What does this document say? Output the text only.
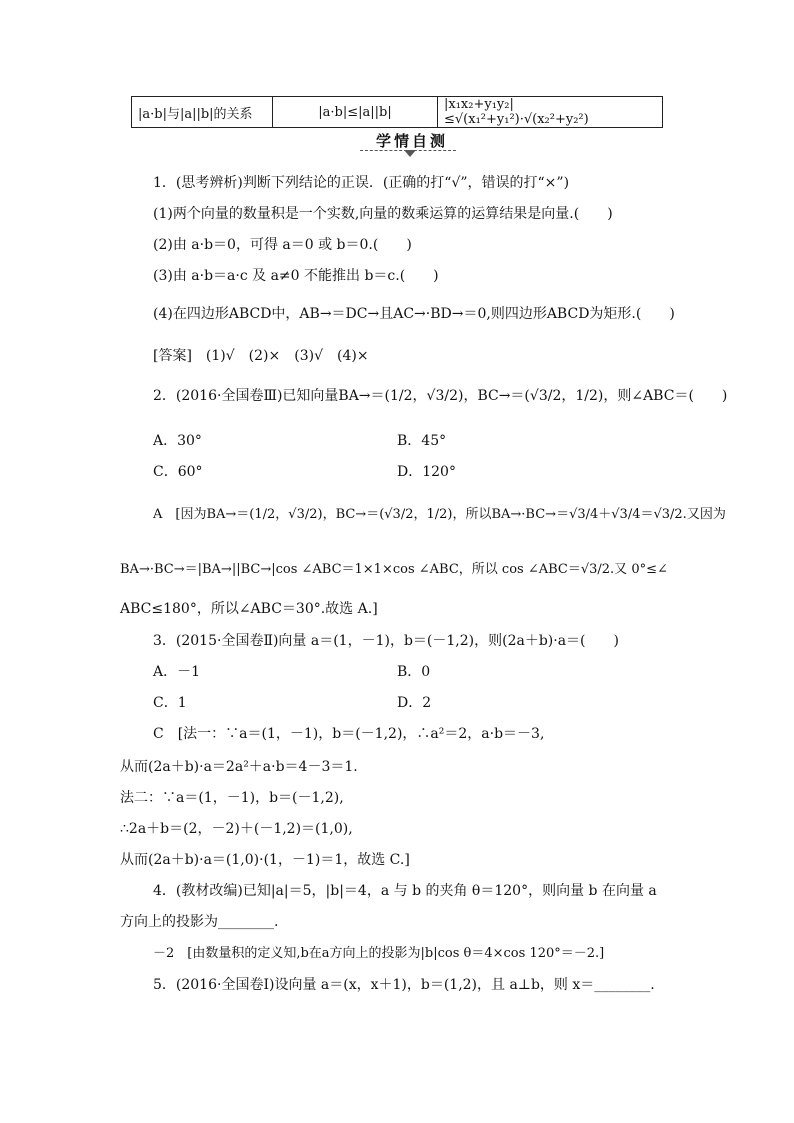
|a·b|与|a||b|的关系	|a·b|≤|a||b|	|x₁x₂+y₁y₂|≤√(x₁²+y₁²)·√(x₂²+y₂²)
学情自测
1．(思考辨析)判断下列结论的正误．(正确的打“√”，错误的打“×”)
(1)两个向量的数量积是一个实数,向量的数乘运算的运算结果是向量.(　　)
(2)由 a·b＝0，可得 a＝0 或 b＝0.(　　)
(3)由 a·b＝a·c 及 a≠0 不能推出 b＝c.(　　)
(4)在四边形ABCD中，AB→＝DC→且AC→·BD→＝0,则四边形ABCD为矩形.(　　)
[答案]　(1)√　(2)×　(3)√　(4)×
2．(2016·全国卷Ⅲ)已知向量BA→＝(1/2，√3/2)，BC→＝(√3/2，1/2)，则∠ABC＝(　　)
A．30°	B．45°
C．60°	D．120°
A　[因为BA→＝(1/2，√3/2)，BC→＝(√3/2，1/2)，所以BA→·BC→＝√3/4＋√3/4＝√3/2.又因为
BA→·BC→＝|BA→||BC→|cos ∠ABC＝1×1×cos ∠ABC，所以 cos ∠ABC＝√3/2.又 0°≤∠
ABC≤180°，所以∠ABC＝30°.故选 A.]
3．(2015·全国卷Ⅱ)向量 a＝(1，－1)，b＝(－1,2)，则(2a＋b)·a＝(　　)
A．－1	B．0
C．1	D．2
C　[法一：∵a＝(1，－1)，b＝(－1,2)，∴a²＝2，a·b＝－3,
从而(2a＋b)·a＝2a²＋a·b＝4－3＝1.
法二：∵a＝(1，－1)，b＝(－1,2),
∴2a＋b＝(2，－2)＋(－1,2)＝(1,0),
从而(2a＋b)·a＝(1,0)·(1，－1)＝1，故选 C.]
4．(教材改编)已知|a|＝5，|b|＝4，a 与 b 的夹角 θ＝120°，则向量 b 在向量 a
方向上的投影为________.
－2　[由数量积的定义知,b在a方向上的投影为|b|cos θ＝4×cos 120°＝－2.]
5．(2016·全国卷Ⅰ)设向量 a＝(x，x＋1)，b＝(1,2)，且 a⊥b，则 x＝________.
